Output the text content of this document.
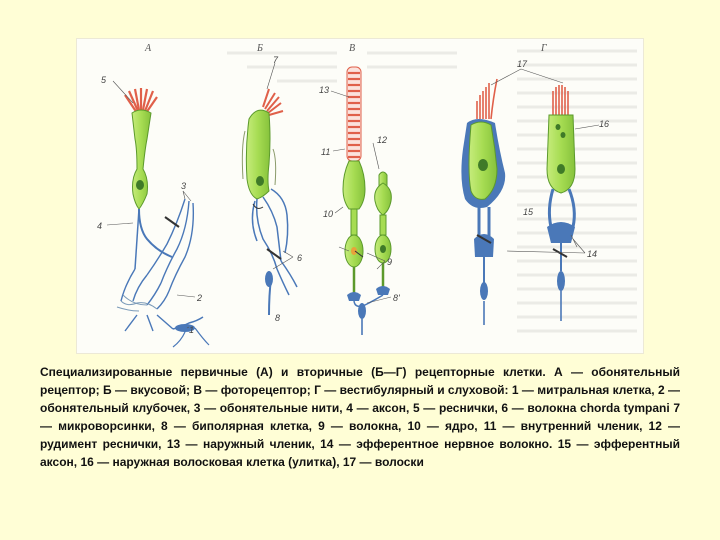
А	Б	В	Г
5
7
13
11
12
10
3
4
2
6	9
8'
8
1
17
16
15
14
Специализированные первичные (А) и вторичные (Б—Г) рецепторные клетки. А — обонятельный рецептор; Б — вкусовой; В — фоторецептор; Г — вестибулярный и слуховой: 1 — митральная клетка, 2 — обонятельный клубочек, 3 — обонятельные нити, 4 — аксон, 5 — реснички, 6 — волокна chorda tympani 7 — микроворсинки, 8 — биполярная клетка, 9 — волокна, 10 — ядро, 11 — внутренний членик, 12 — рудимент реснички, 13 — наружный членик, 14 — эфферентное нервное волокно. 15 — эфферентный аксон, 16 — наружная волосковая клетка (улитка), 17 — волоски
